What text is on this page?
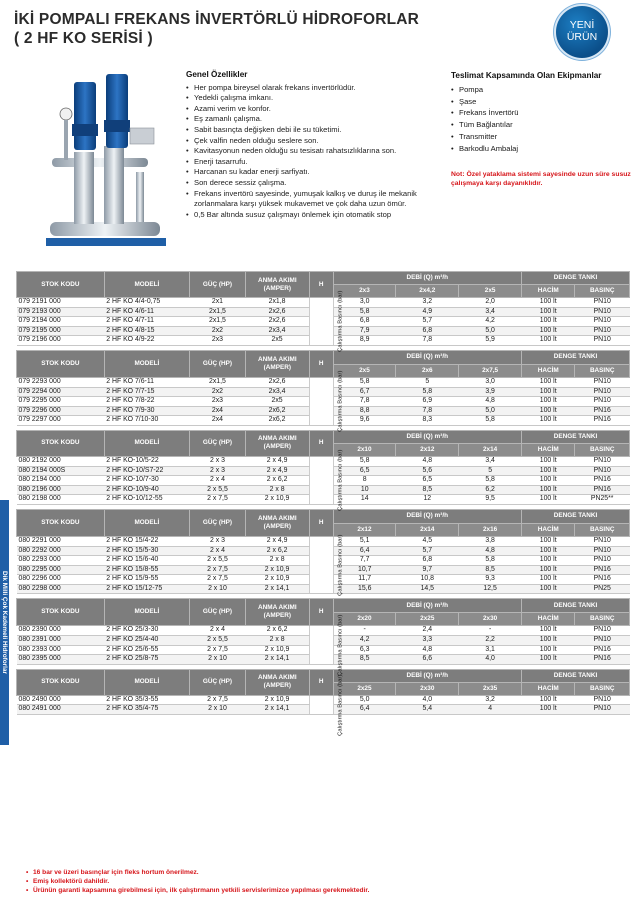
İKİ POMPALI FREKANS İNVERTÖRLÜ HİDROFORLAR
( 2 HF KO SERİSİ )
YENİ
ÜRÜN
Genel Özellikler
• Her pompa bireysel olarak frekans invertörlüdür.
• Yedekli çalışma imkanı.
• Azami verim ve konfor.
• Eş zamanlı çalışma.
• Sabit basınçta değişken debi ile su tüketimi.
• Çek valfin neden olduğu seslere son.
• Kavitasyonun neden olduğu su tesisatı rahatsızlıklarına son.
• Enerji tasarrufu.
• Harcanan su kadar enerji sarfiyatı.
• Son derece sessiz çalışma.
• Frekans invertörü sayesinde, yumuşak kalkış ve duruş ile mekanik zorlanmalara karşı yüksek mukavemet ve çok daha uzun ömür.
• 0,5 Bar altında susuz çalışmayı önlemek için otomatik stop
Teslimat Kapsamında Olan Ekipmanlar
• Pompa
• Şase
• Frekans İnvertörü
• Tüm Bağlantılar
• Transmitter
• Barkodlu Ambalaj
Not: Özel yataklama sistemi sayesinde uzun süre susuz çalışmaya karşı dayanıklıdır.
Dik Milli Çok Kademeli Hidroforlar
STOK KODU	MODELİ	GÜÇ (HP)	ANMA AKIMI (AMPER)	H	DEBİ (Q) m³/h			DENGE TANKI	
					2x3	2x4,2	2x5	HACİM	BASINÇ
079 2191 000	2 HF KO 4/4-0,75	2x1	2x1,8	Çalıştırma Basıncı (bar)	3,0	3,2	2,0	100 lt	PN10
079 2193 000	2 HF KO 4/6-11	2x1,5	2x2,6		5,8	4,9	3,4	100 lt	PN10
079 2194 000	2 HF KO 4/7-11	2x1,5	2x2,6		6,8	5,7	4,2	100 lt	PN10
079 2195 000	2 HF KO 4/8-15	2x2	2x3,4		7,9	6,8	5,0	100 lt	PN10
079 2196 000	2 HF KO 4/9-22	2x3	2x5		8,9	7,8	5,9	100 lt	PN10
STOK KODU	MODELİ	GÜÇ (HP)	ANMA AKIMI (AMPER)	H	DEBİ (Q) m³/h			DENGE TANKI	
					2x5	2x6	2x7,5	HACİM	BASINÇ
079 2293 000	2 HF KO 7/6-11	2x1,5	2x2,6	Çalıştırma Basıncı (bar)	5,8	5	3,0	100 lt	PN10
079 2294 000	2 HF KO 7/7-15	2x2	2x3,4		6,7	5,8	3,9	100 lt	PN10
079 2295 000	2 HF KO 7/8-22	2x3	2x5		7,8	6,9	4,8	100 lt	PN10
079 2296 000	2 HF KO 7/9-30	2x4	2x6,2		8,8	7,8	5,0	100 lt	PN16
079 2297 000	2 HF KO 7/10-30	2x4	2x6,2		9,6	8,3	5,8	100 lt	PN16
STOK KODU	MODELİ	GÜÇ (HP)	ANMA AKIMI (AMPER)	H	DEBİ (Q) m³/h			DENGE TANKI	
					2x10	2x12	2x14	HACİM	BASINÇ
080 2192 000	2 HF KO-10/5-22	2 x 3	2 x 4,9	Çalıştırma Basıncı (bar)	5,8	4,8	3,4	100 lt	PN10
080 2194 000S	2 HF KO-10/S7-22	2 x 3	2 x 4,9		6,5	5,6	5	100 lt	PN10
080 2194 000	2 HF KO-10/7-30	2 x 4	2 x 6,2		8	6,5	5,8	100 lt	PN16
080 2196 000	2 HF KO-10/9-40	2 x 5,5	2 x 8		10	8,5	6,2	100 lt	PN16
080 2198 000	2 HF KO-10/12-55	2 x 7,5	2 x 10,9		14	12	9,5	100 lt	PN25**
STOK KODU	MODELİ	GÜÇ (HP)	ANMA AKIMI (AMPER)	H	DEBİ (Q) m³/h			DENGE TANKI	
					2x12	2x14	2x16	HACİM	BASINÇ
080 2291 000	2 HF KO 15/4-22	2 x 3	2 x 4,9	Çalıştırma Basıncı (bar)	5,1	4,5	3,8	100 lt	PN10
080 2292 000	2 HF KO 15/5-30	2 x 4	2 x 6,2		6,4	5,7	4,8	100 lt	PN10
080 2293 000	2 HF KO 15/6-40	2 x 5,5	2 x 8		7,7	6,8	5,8	100 lt	PN10
080 2295 000	2 HF KO 15/8-55	2 x 7,5	2 x 10,9		10,7	9,7	8,5	100 lt	PN16
080 2296 000	2 HF KO 15/9-55	2 x 7,5	2 x 10,9		11,7	10,8	9,3	100 lt	PN16
080 2298 000	2 HF KO 15/12-75	2 x 10	2 x 14,1		15,6	14,5	12,5	100 lt	PN25
STOK KODU	MODELİ	GÜÇ (HP)	ANMA AKIMI (AMPER)	H	DEBİ (Q) m³/h			DENGE TANKI	
					2x20	2x25	2x30	HACİM	BASINÇ
080 2390 000	2 HF KO 25/3-30	2 x 4	2 x 6,2	Çalıştırma Basıncı (bar)	-	2,4	-	100 lt	PN10
080 2391 000	2 HF KO 25/4-40	2 x 5,5	2 x 8		4,2	3,3	2,2	100 lt	PN10
080 2393 000	2 HF KO 25/6-55	2 x 7,5	2 x 10,9		6,3	4,8	3,1	100 lt	PN16
080 2395 000	2 HF KO 25/8-75	2 x 10	2 x 14,1		8,5	6,6	4,0	100 lt	PN16
STOK KODU	MODELİ	GÜÇ (HP)	ANMA AKIMI (AMPER)	H	DEBİ (Q) m³/h			DENGE TANKI	
					2x25	2x30	2x35	HACİM	BASINÇ
080 2490 000	2 HF KO 35/3-55	2 x 7,5	2 x 10,9	Çalıştırma Basıncı (bar)	5,0	4,0	3,2	100 lt	PN10
080 2491 000	2 HF KO 35/4-75	2 x 10	2 x 14,1		6,4	5,4	4	100 lt	PN10
• 16 bar ve üzeri basınçlar için fleks hortum önerilmez.
• Emiş kollektörü dahildir.
• Ürünün garanti kapsamına girebilmesi için, ilk çalıştırmanın yetkili servislerimizce yapılması gerekmektedir.
